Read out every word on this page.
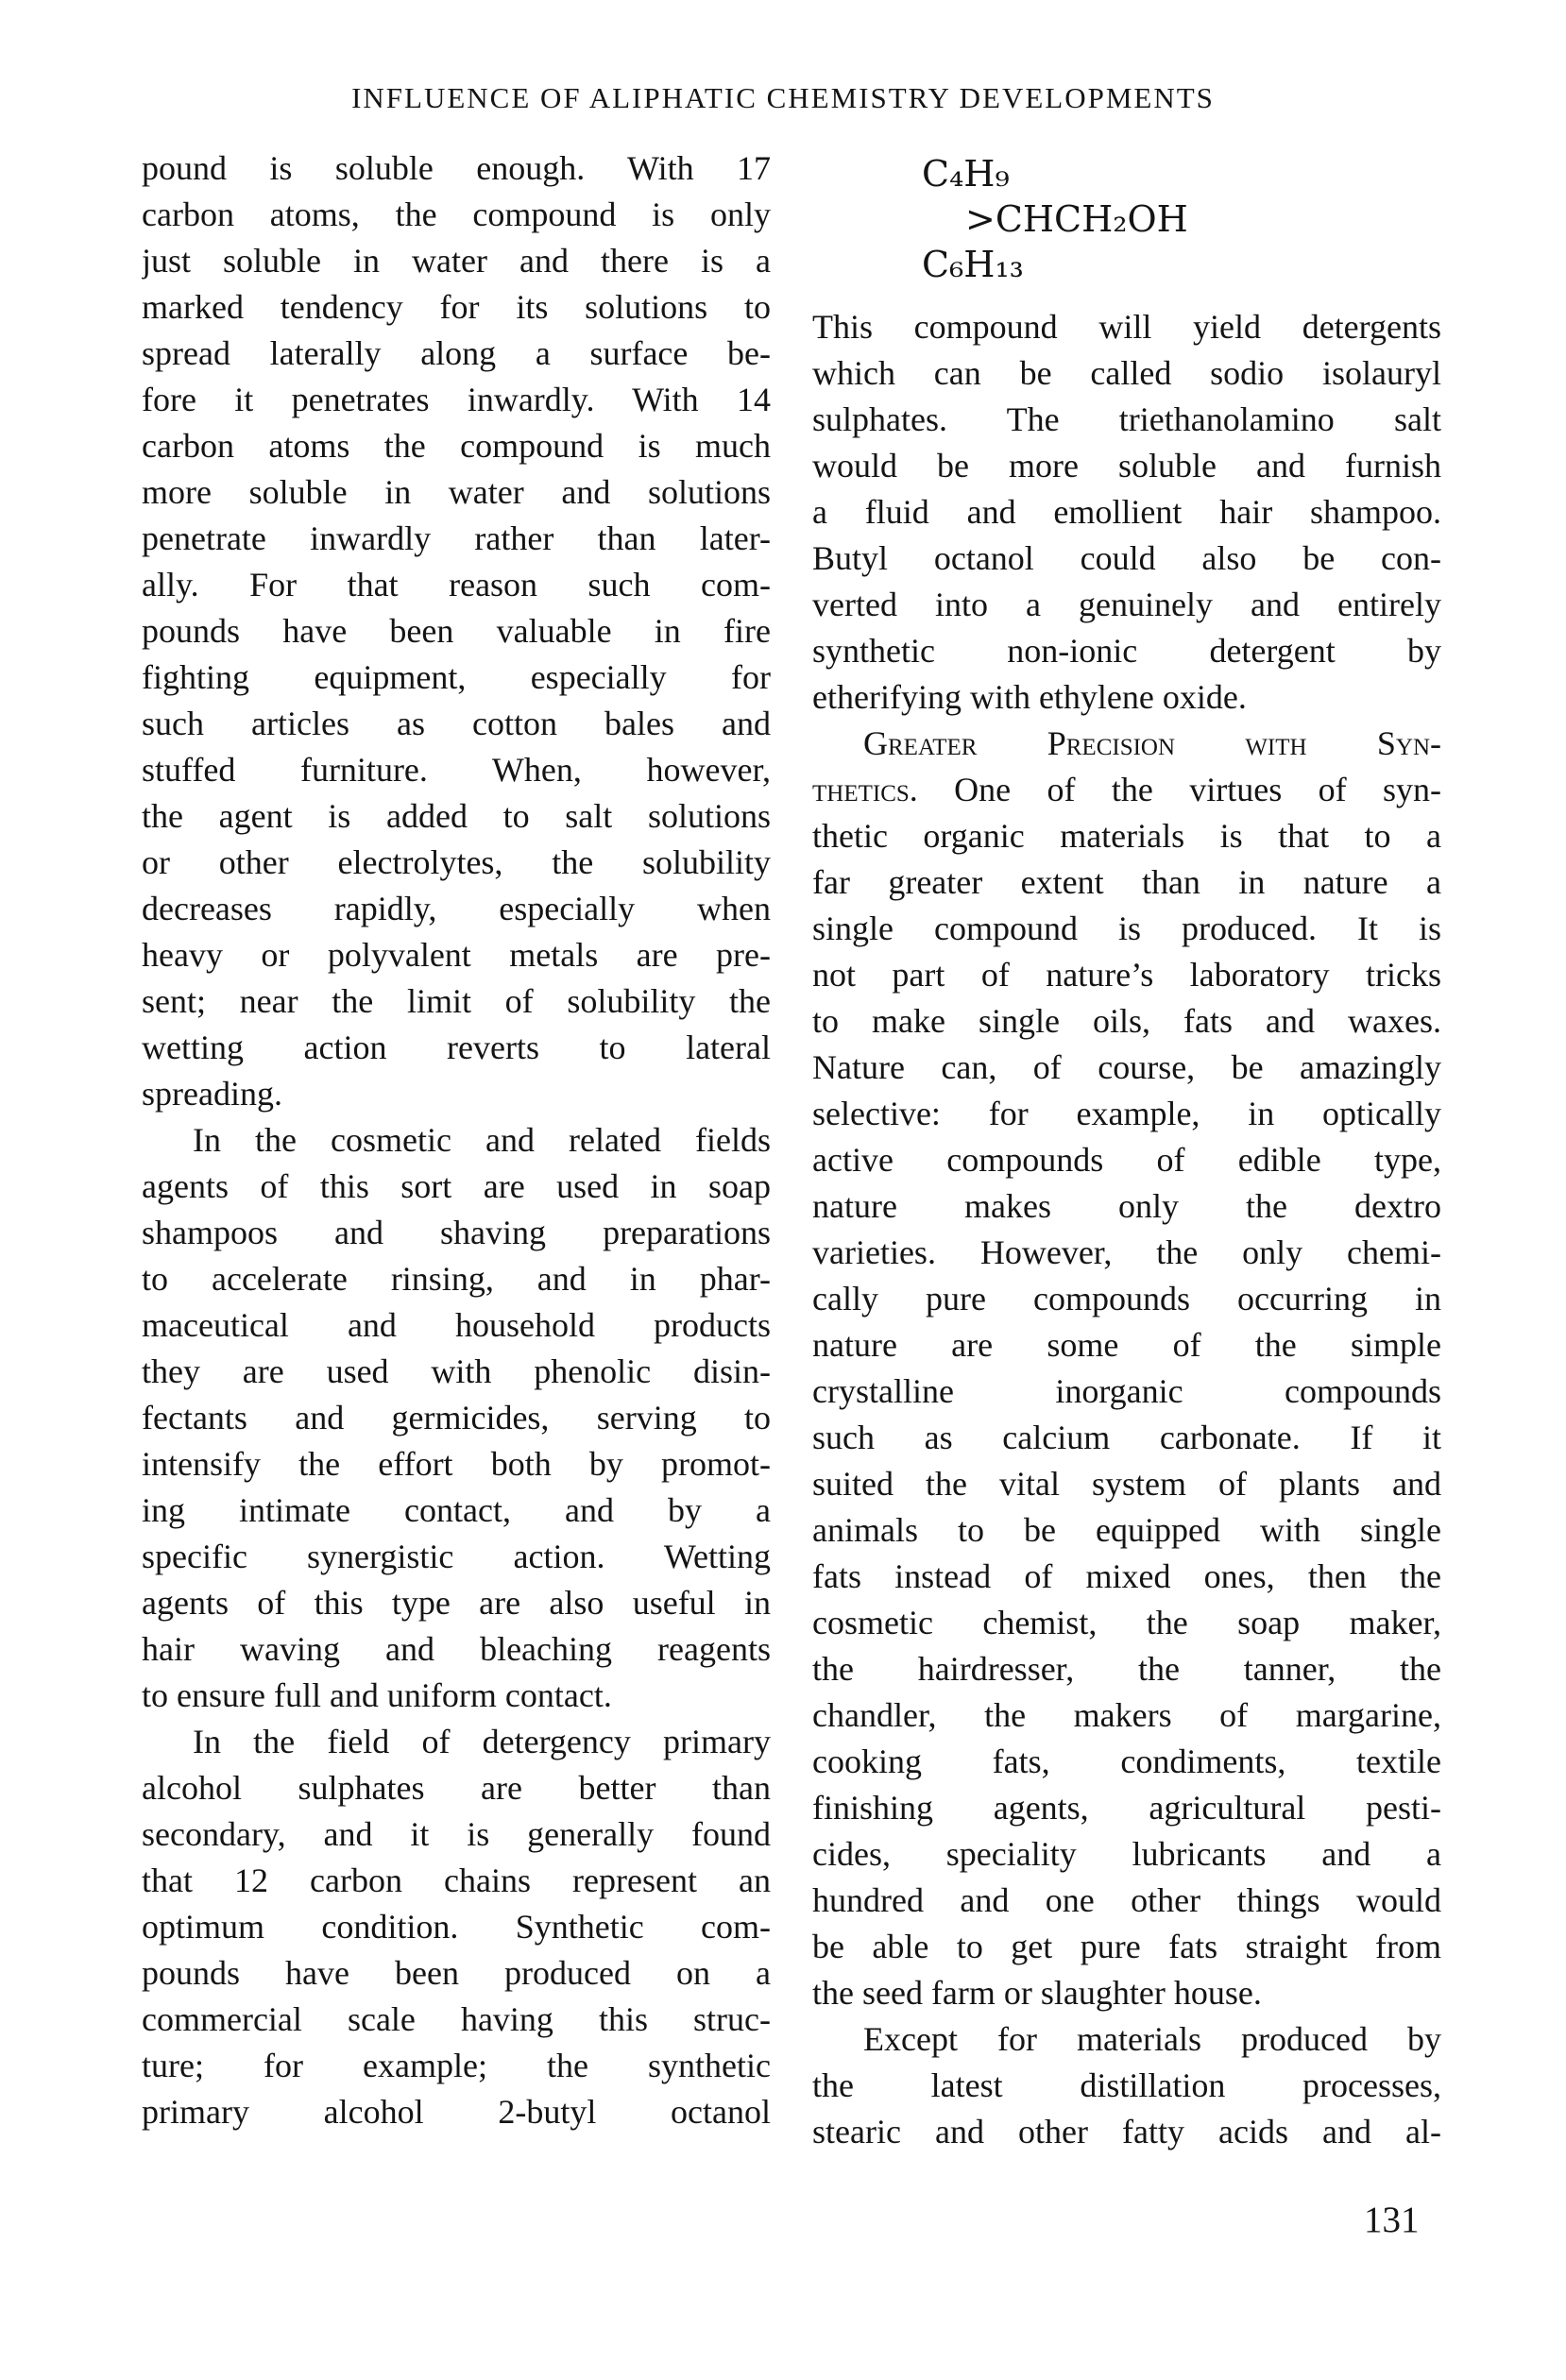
INFLUENCE OF ALIPHATIC CHEMISTRY DEVELOPMENTS
pound is soluble enough. With 17
carbon atoms, the compound is only
just soluble in water and there is a
marked tendency for its solutions to
spread laterally along a surface be-
fore it penetrates inwardly. With 14
carbon atoms the compound is much
more soluble in water and solutions
penetrate inwardly rather than later-
ally. For that reason such com-
pounds have been valuable in fire
fighting equipment, especially for
such articles as cotton bales and
stuffed furniture. When, however,
the agent is added to salt solutions
or other electrolytes, the solubility
decreases rapidly, especially when
heavy or polyvalent metals are pre-
sent; near the limit of solubility the
wetting action reverts to lateral
spreading.
In the cosmetic and related fields
agents of this sort are used in soap
shampoos and shaving preparations
to accelerate rinsing, and in phar-
maceutical and household products
they are used with phenolic disin-
fectants and germicides, serving to
intensify the effort both by promot-
ing intimate contact, and by a
specific synergistic action. Wetting
agents of this type are also useful in
hair waving and bleaching reagents
to ensure full and uniform contact.
In the field of detergency primary
alcohol sulphates are better than
secondary, and it is generally found
that 12 carbon chains represent an
optimum condition. Synthetic com-
pounds have been produced on a
commercial scale having this struc-
ture; for example; the synthetic
primary alcohol 2-butyl octanol
C₄H₉
>CHCH₂OH
C₆H₁₃
This compound will yield detergents
which can be called sodio isolauryl
sulphates. The triethanolamino salt
would be more soluble and furnish
a fluid and emollient hair shampoo.
Butyl octanol could also be con-
verted into a genuinely and entirely
synthetic non-ionic detergent by
etherifying with ethylene oxide.
Greater Precision with Syn-
thetics. One of the virtues of syn-
thetic organic materials is that to a
far greater extent than in nature a
single compound is produced. It is
not part of nature’s laboratory tricks
to make single oils, fats and waxes.
Nature can, of course, be amazingly
selective: for example, in optically
active compounds of edible type,
nature makes only the dextro
varieties. However, the only chemi-
cally pure compounds occurring in
nature are some of the simple
crystalline inorganic compounds
such as calcium carbonate. If it
suited the vital system of plants and
animals to be equipped with single
fats instead of mixed ones, then the
cosmetic chemist, the soap maker,
the hairdresser, the tanner, the
chandler, the makers of margarine,
cooking fats, condiments, textile
finishing agents, agricultural pesti-
cides, speciality lubricants and a
hundred and one other things would
be able to get pure fats straight from
the seed farm or slaughter house.
Except for materials produced by
the latest distillation processes,
stearic and other fatty acids and al-
131
